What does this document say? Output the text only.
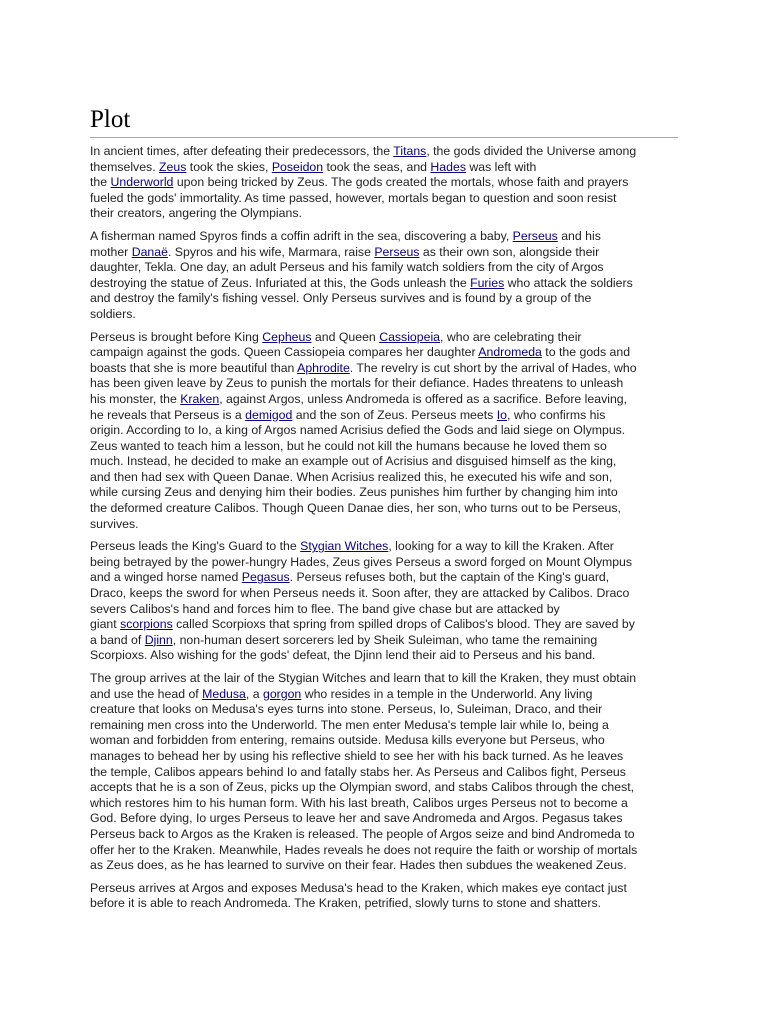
Plot

In ancient times, after defeating their predecessors, the Titans, the gods divided the Universe among
themselves. Zeus took the skies, Poseidon took the seas, and Hades was left with
the Underworld upon being tricked by Zeus. The gods created the mortals, whose faith and prayers
fueled the gods' immortality. As time passed, however, mortals began to question and soon resist
their creators, angering the Olympians.

A fisherman named Spyros finds a coffin adrift in the sea, discovering a baby, Perseus and his
mother Danaë. Spyros and his wife, Marmara, raise Perseus as their own son, alongside their
daughter, Tekla. One day, an adult Perseus and his family watch soldiers from the city of Argos
destroying the statue of Zeus. Infuriated at this, the Gods unleash the Furies who attack the soldiers
and destroy the family's fishing vessel. Only Perseus survives and is found by a group of the
soldiers.

Perseus is brought before King Cepheus and Queen Cassiopeia, who are celebrating their
campaign against the gods. Queen Cassiopeia compares her daughter Andromeda to the gods and
boasts that she is more beautiful than Aphrodite. The revelry is cut short by the arrival of Hades, who
has been given leave by Zeus to punish the mortals for their defiance. Hades threatens to unleash
his monster, the Kraken, against Argos, unless Andromeda is offered as a sacrifice. Before leaving,
he reveals that Perseus is a demigod and the son of Zeus. Perseus meets Io, who confirms his
origin. According to Io, a king of Argos named Acrisius defied the Gods and laid siege on Olympus.
Zeus wanted to teach him a lesson, but he could not kill the humans because he loved them so
much. Instead, he decided to make an example out of Acrisius and disguised himself as the king,
and then had sex with Queen Danae. When Acrisius realized this, he executed his wife and son,
while cursing Zeus and denying him their bodies. Zeus punishes him further by changing him into
the deformed creature Calibos. Though Queen Danae dies, her son, who turns out to be Perseus,
survives.

Perseus leads the King's Guard to the Stygian Witches, looking for a way to kill the Kraken. After
being betrayed by the power-hungry Hades, Zeus gives Perseus a sword forged on Mount Olympus
and a winged horse named Pegasus. Perseus refuses both, but the captain of the King's guard,
Draco, keeps the sword for when Perseus needs it. Soon after, they are attacked by Calibos. Draco
severs Calibos's hand and forces him to flee. The band give chase but are attacked by
giant scorpions called Scorpioxs that spring from spilled drops of Calibos's blood. They are saved by
a band of Djinn, non-human desert sorcerers led by Sheik Suleiman, who tame the remaining
Scorpioxs. Also wishing for the gods' defeat, the Djinn lend their aid to Perseus and his band.

The group arrives at the lair of the Stygian Witches and learn that to kill the Kraken, they must obtain
and use the head of Medusa, a gorgon who resides in a temple in the Underworld. Any living
creature that looks on Medusa's eyes turns into stone. Perseus, Io, Suleiman, Draco, and their
remaining men cross into the Underworld. The men enter Medusa's temple lair while Io, being a
woman and forbidden from entering, remains outside. Medusa kills everyone but Perseus, who
manages to behead her by using his reflective shield to see her with his back turned. As he leaves
the temple, Calibos appears behind Io and fatally stabs her. As Perseus and Calibos fight, Perseus
accepts that he is a son of Zeus, picks up the Olympian sword, and stabs Calibos through the chest,
which restores him to his human form. With his last breath, Calibos urges Perseus not to become a
God. Before dying, Io urges Perseus to leave her and save Andromeda and Argos. Pegasus takes
Perseus back to Argos as the Kraken is released. The people of Argos seize and bind Andromeda to
offer her to the Kraken. Meanwhile, Hades reveals he does not require the faith or worship of mortals
as Zeus does, as he has learned to survive on their fear. Hades then subdues the weakened Zeus.

Perseus arrives at Argos and exposes Medusa's head to the Kraken, which makes eye contact just
before it is able to reach Andromeda. The Kraken, petrified, slowly turns to stone and shatters.
